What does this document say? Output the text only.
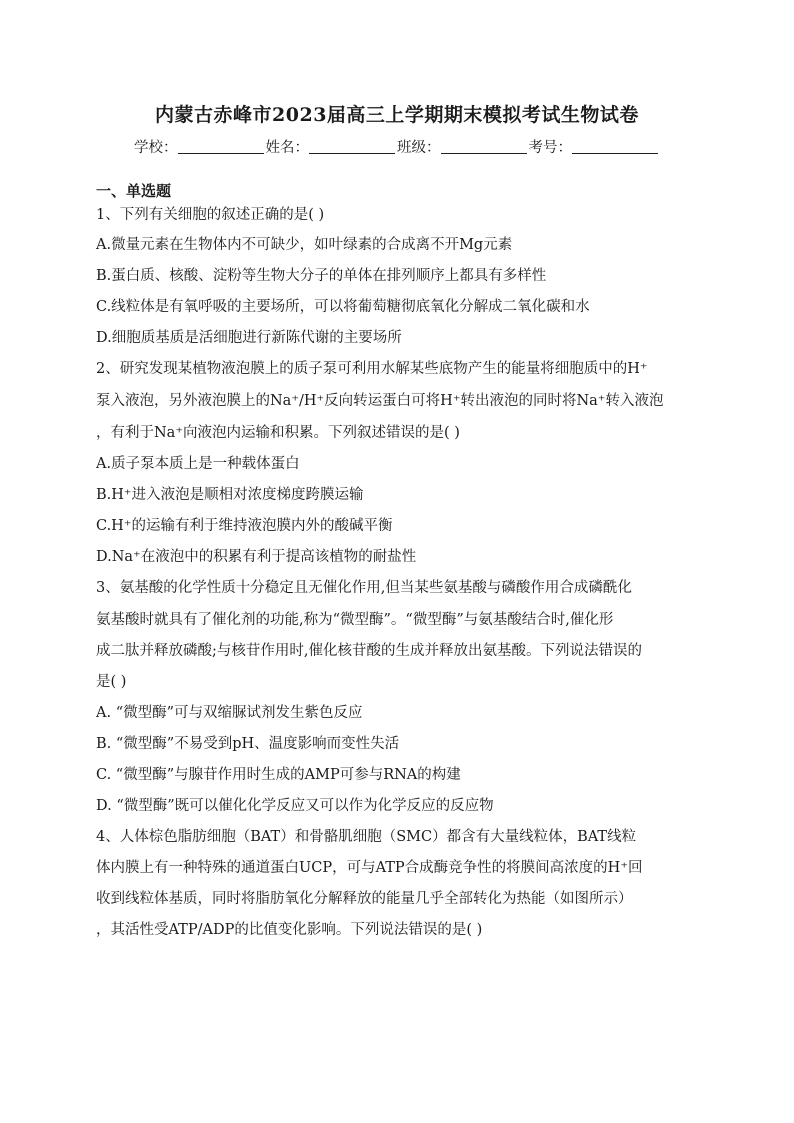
内蒙古赤峰市2023届高三上学期期末模拟考试生物试卷
学校：	姓名：	班级：	考号：
一、单选题
1、下列有关细胞的叙述正确的是( )
A.微量元素在生物体内不可缺少，如叶绿素的合成离不开Mg元素
B.蛋白质、核酸、淀粉等生物大分子的单体在排列顺序上都具有多样性
C.线粒体是有氧呼吸的主要场所，可以将葡萄糖彻底氧化分解成二氧化碳和水
D.细胞质基质是活细胞进行新陈代谢的主要场所
2、研究发现某植物液泡膜上的质子泵可利用水解某些底物产生的能量将细胞质中的H⁺
泵入液泡，另外液泡膜上的Na⁺/H⁺反向转运蛋白可将H⁺转出液泡的同时将Na⁺转入液泡
，有利于Na⁺向液泡内运输和积累。下列叙述错误的是( )
A.质子泵本质上是一种载体蛋白
B.H⁺进入液泡是顺相对浓度梯度跨膜运输
C.H⁺的运输有利于维持液泡膜内外的酸碱平衡
D.Na⁺在液泡中的积累有利于提高该植物的耐盐性
3、氨基酸的化学性质十分稳定且无催化作用,但当某些氨基酸与磷酸作用合成磷酰化
氨基酸时就具有了催化剂的功能,称为“微型酶”。“微型酶”与氨基酸结合时,催化形
成二肽并释放磷酸;与核苷作用时,催化核苷酸的生成并释放出氨基酸。下列说法错误的
是( )
A. “微型酶”可与双缩脲试剂发生紫色反应
B. “微型酶”不易受到pH、温度影响而变性失活
C. “微型酶”与腺苷作用时生成的AMP可参与RNA的构建
D. “微型酶”既可以催化化学反应又可以作为化学反应的反应物
4、人体棕色脂肪细胞（BAT）和骨骼肌细胞（SMC）都含有大量线粒体，BAT线粒
体内膜上有一种特殊的通道蛋白UCP，可与ATP合成酶竞争性的将膜间高浓度的H⁺回
收到线粒体基质，同时将脂肪氧化分解释放的能量几乎全部转化为热能（如图所示）
，其活性受ATP/ADP的比值变化影响。下列说法错误的是( )
